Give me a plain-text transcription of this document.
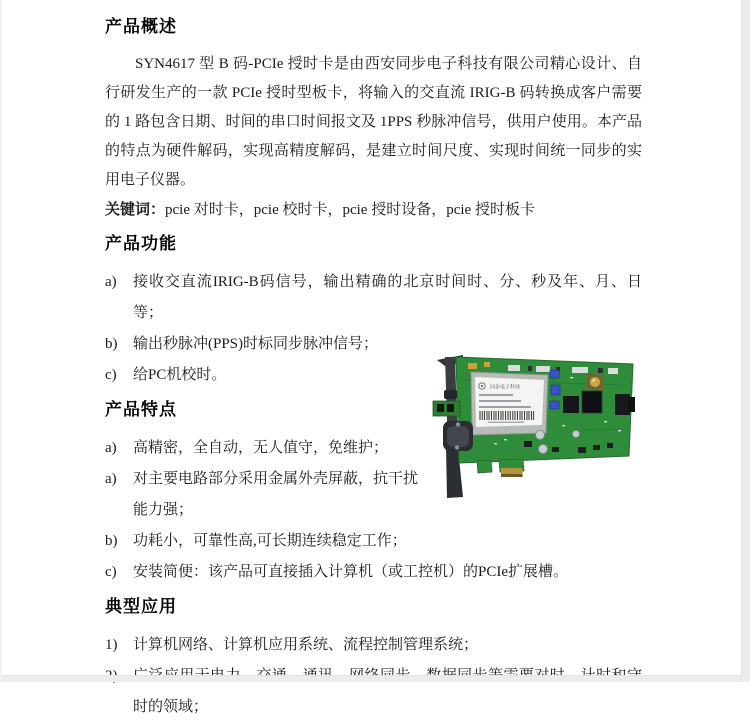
产品概述

SYN4617 型 B 码-PCIe 授时卡是由西安同步电子科技有限公司精心设计、自行研发生产的一款 PCIe 授时型板卡，将输入的交直流 IRIG-B 码转换成客户需要的 1 路包含日期、时间的串口时间报文及 1PPS 秒脉冲信号，供用户使用。本产品的特点为硬件解码，实现高精度解码，是建立时间尺度、实现时间统一同步的实用电子仪器。

关键词：pcie 对时卡，pcie 校时卡，pcie 授时设备，pcie 授时板卡

产品功能
a) 接收交直流IRIG-B码信号，输出精确的北京时间时、分、秒及年、月、日等；
同步电子科技
b) 输出秒脉冲(PPS)时标同步脉冲信号；
c) 给PC机校时。
产品特点
a) 高精密，全自动，无人值守，免维护；
a) 对主要电路部分采用金属外壳屏蔽，抗干扰能力强；
b) 功耗小，可靠性高,可长期连续稳定工作；
c) 安装简便：该产品可直接插入计算机（或工控机）的PCIe扩展槽。
典型应用
1) 计算机网络、计算机应用系统、流程控制管理系统；
时的领域；
